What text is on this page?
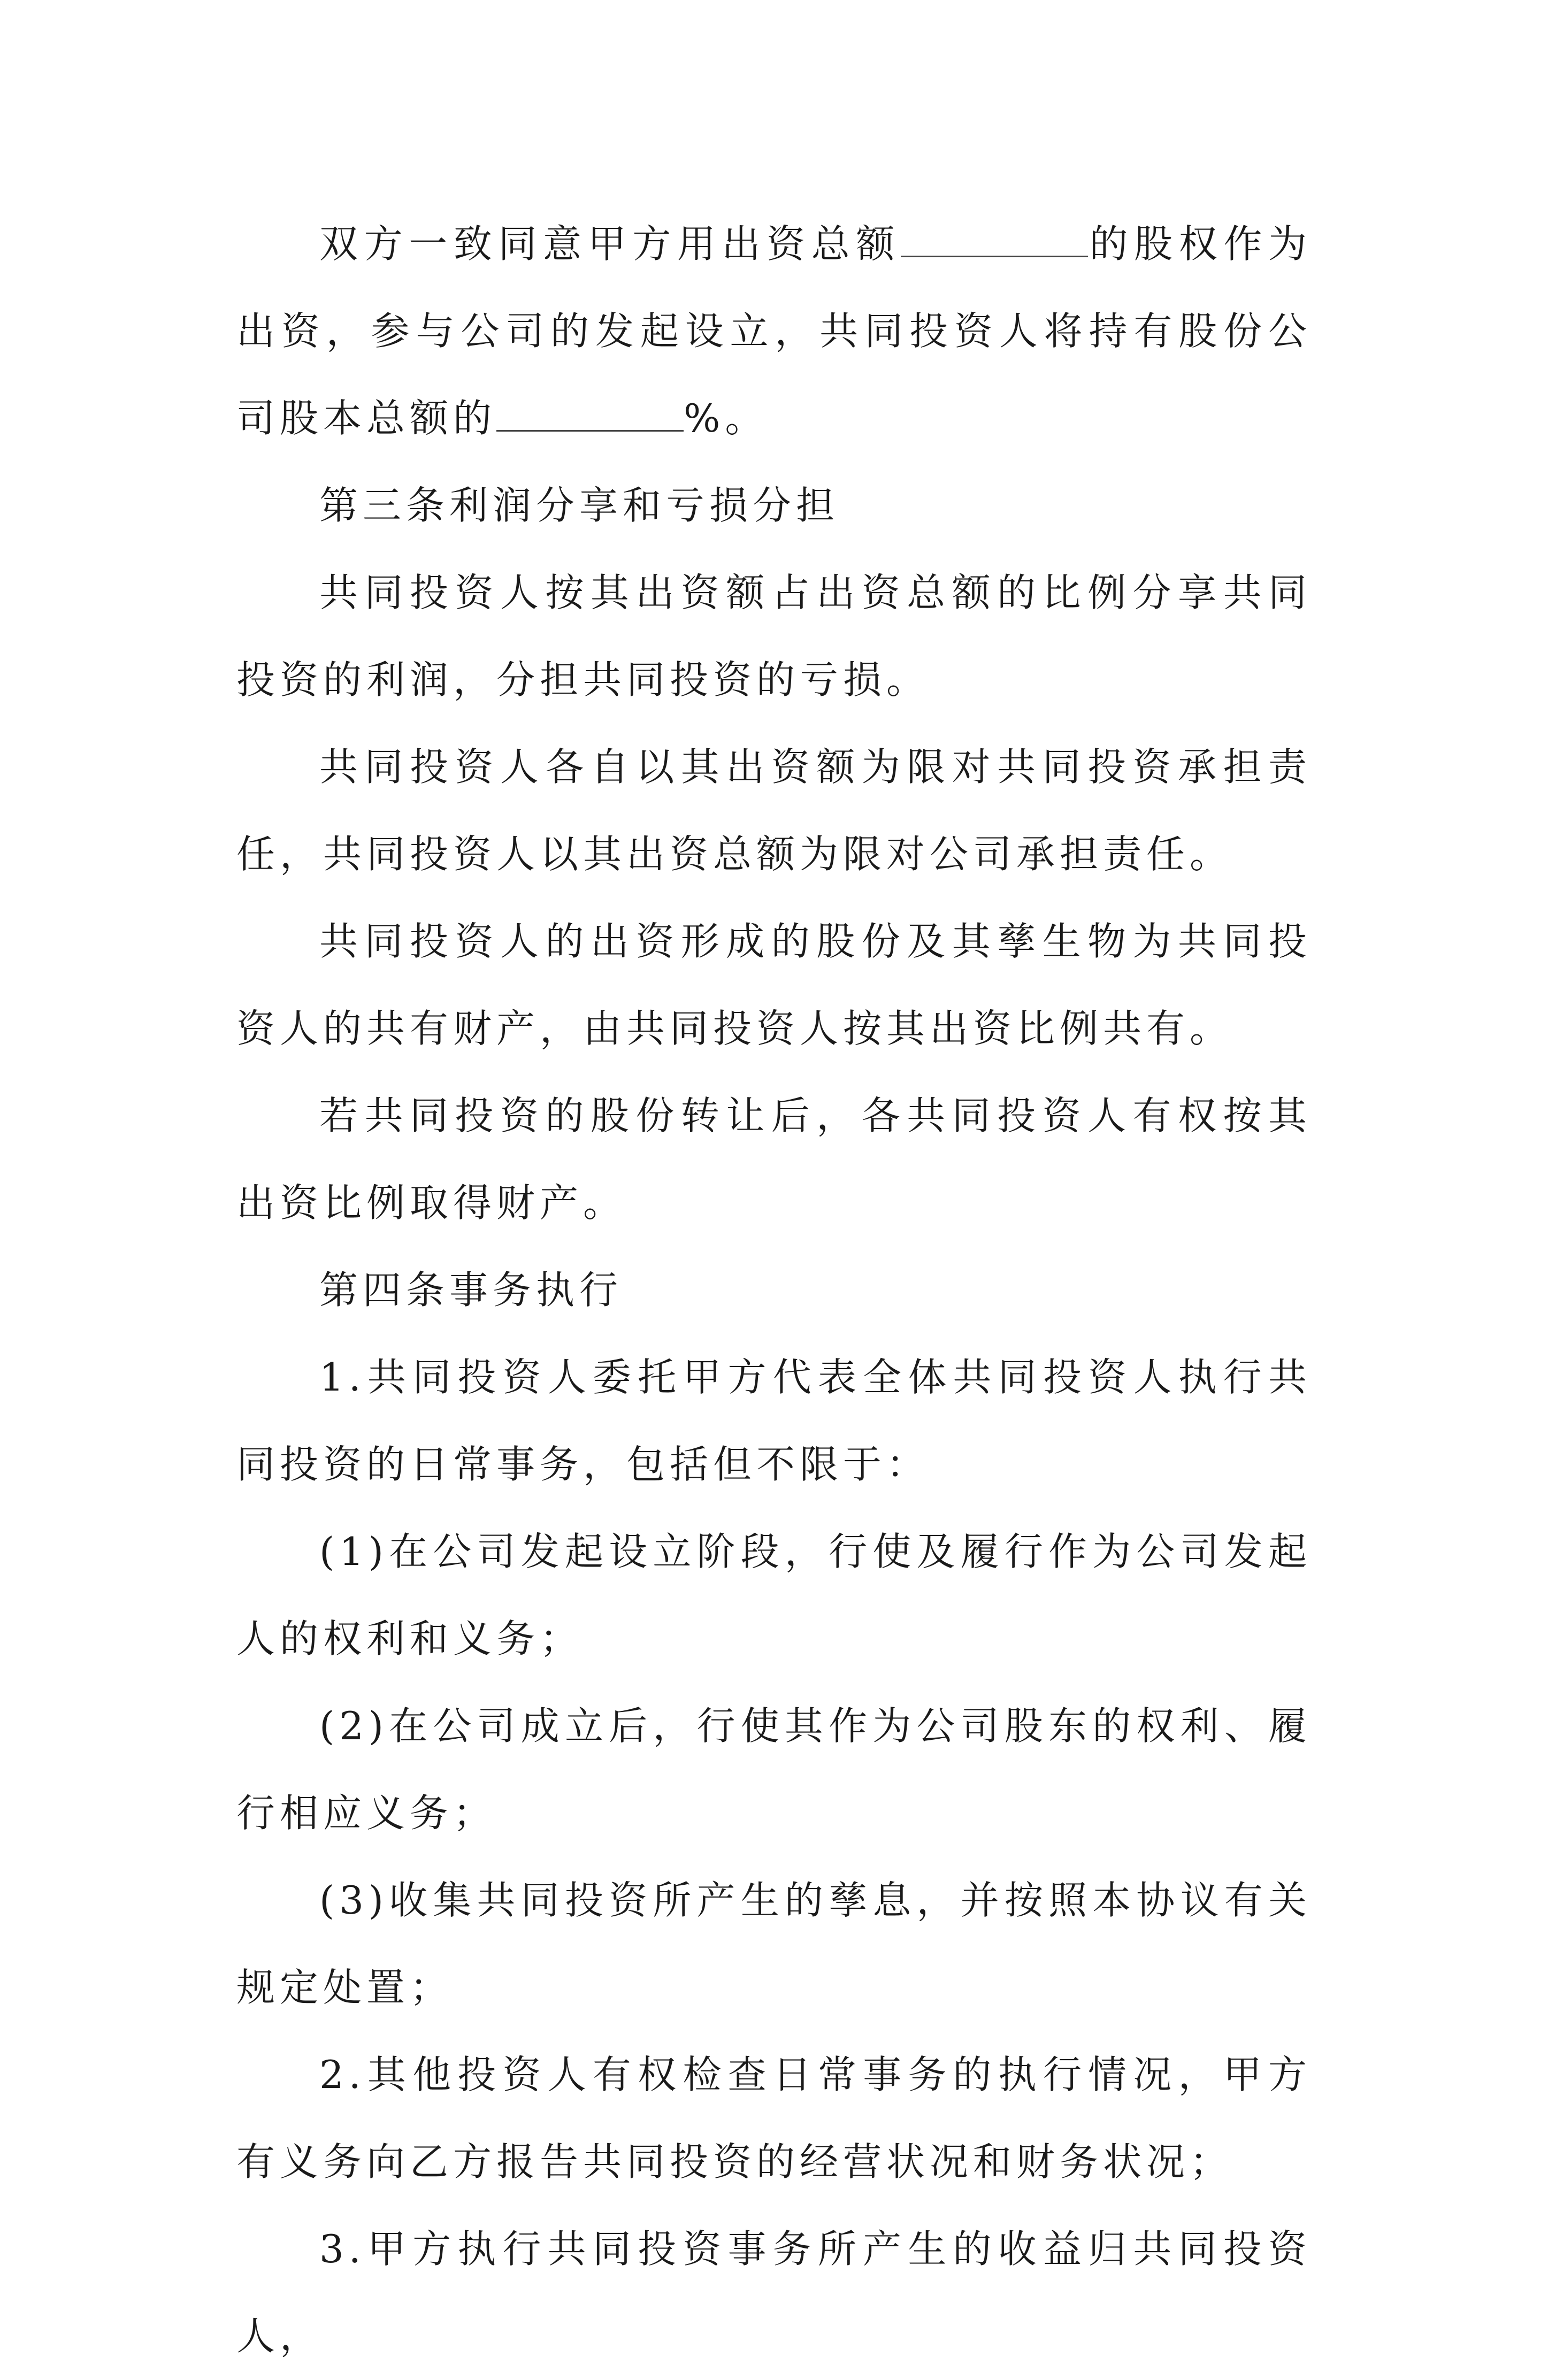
双方一致同意甲方用出资总额	的股权作为出资，参与公司的发起设立，共同投资人将持有股份公司股本总额的	%。

第三条利润分享和亏损分担

共同投资人按其出资额占出资总额的比例分享共同投资的利润，分担共同投资的亏损。

共同投资人各自以其出资额为限对共同投资承担责任，共同投资人以其出资总额为限对公司承担责任。

共同投资人的出资形成的股份及其孳生物为共同投资人的共有财产，由共同投资人按其出资比例共有。

若共同投资的股份转让后，各共同投资人有权按其出资比例取得财产。

第四条事务执行

1.共同投资人委托甲方代表全体共同投资人执行共同投资的日常事务，包括但不限于：

(1)在公司发起设立阶段，行使及履行作为公司发起人的权利和义务；

(2)在公司成立后，行使其作为公司股东的权利、履行相应义务；

(3)收集共同投资所产生的孳息，并按照本协议有关规定处置；

2.其他投资人有权检查日常事务的执行情况，甲方有义务向乙方报告共同投资的经营状况和财务状况；

3.甲方执行共同投资事务所产生的收益归共同投资人，
